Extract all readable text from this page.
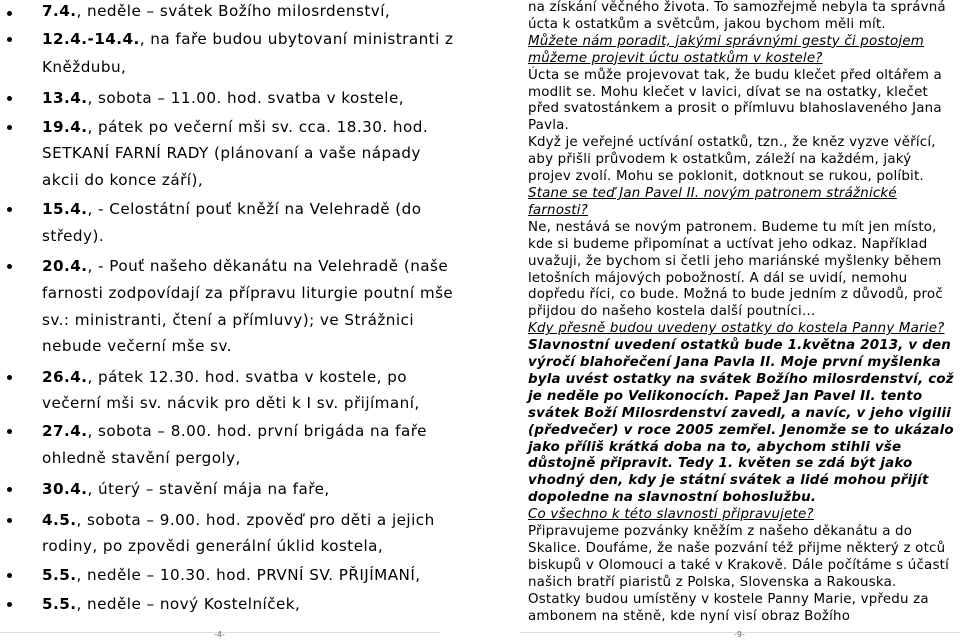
7.4., neděle – svátek Božího milosrdenství,
12.4.-14.4., na faře budou ubytovaní ministranti z Kněždubu,
13.4., sobota – 11.00. hod. svatba v kostele,
19.4., pátek po večerní mši sv. cca. 18.30. hod. SETKANÍ FARNÍ RADY (plánovaní a vaše nápady akcii do konce září),
15.4., - Celostátní pouť kněží na Velehradě (do středy).
20.4., - Pouť našeho děkanátu na Velehradě (naše farnosti zodpovídají za přípravu liturgie poutní mše sv.: ministranti, čtení a přímluvy); ve Strážnici nebude večerní mše sv.
26.4., pátek 12.30. hod. svatba v kostele, po večerní mši sv. nácvik pro děti k I sv. přijímaní,
27.4., sobota – 8.00. hod. první brigáda na faře ohledně stavění pergoly,
30.4., úterý – stavění mája na faře,
4.5., sobota – 9.00. hod. zpověď pro děti a jejich rodiny, po zpovědi generální úklid kostela,
5.5., neděle – 10.30. hod. PRVNÍ SV. PŘIJÍMANÍ,
5.5., neděle – nový Kostelníček,

na získání věčného života. To samozřejmě nebyla ta správná úcta k ostatkům a světcům, jakou bychom měli mít.

Můžete nám poradit, jakými správnými gesty či postojem můžeme projevit úctu ostatkům v kostele?

Úcta se může projevovat tak, že budu klečet před oltářem a modlit se. Mohu klečet v lavici, dívat se na ostatky, klečet před svatostánkem a prosit o přímluvu blahoslaveného Jana Pavla.

Když je veřejné uctívání ostatků, tzn., že kněz vyzve věřící, aby přišli průvodem k ostatkům, záleží na každém, jaký projev zvolí. Mohu se poklonit, dotknout se rukou, políbit.

Stane se teď Jan Pavel II. novým patronem strážnické farnosti?

Ne, nestává se novým patronem. Budeme tu mít jen místo, kde si budeme připomínat a uctívat jeho odkaz. Například uvažuji, že bychom si četli jeho mariánské myšlenky během letošních májových pobožností. A dál se uvidí, nemohu dopředu říci, co bude. Možná to bude jedním z důvodů, proč přijdou do našeho kostela další poutníci…

Kdy přesně budou uvedeny ostatky do kostela Panny Marie?

Slavnostní uvedení ostatků bude 1.května 2013, v den výročí blahořečení Jana Pavla II. Moje první myšlenka byla uvést ostatky na svátek Božího milosrdenství, což je neděle po Velikonocích. Papež Jan Pavel II. tento svátek Boží Milosrdenství zavedl, a navíc, v jeho vigilii (předvečer) v roce 2005 zemřel. Jenomže se to ukázalo jako příliš krátká doba na to, abychom stihli vše důstojně připravit. Tedy 1. květen se zdá být jako vhodný den, kdy je státní svátek a lidé mohou přijít dopoledne na slavnostní bohoslužbu.

Co všechno k této slavnosti připravujete?

Připravujeme pozvánky kněžím z našeho děkanátu a do Skalice. Doufáme, že naše pozvání též přijme některý z otců biskupů v Olomouci a také v Krakově. Dále počítáme s účastí našich bratří piaristů z Polska, Slovenska a Rakouska.

Ostatky budou umístěny v kostele Panny Marie, vpředu za ambonem na stěně, kde nyní visí obraz Božího

-4-	-9-
